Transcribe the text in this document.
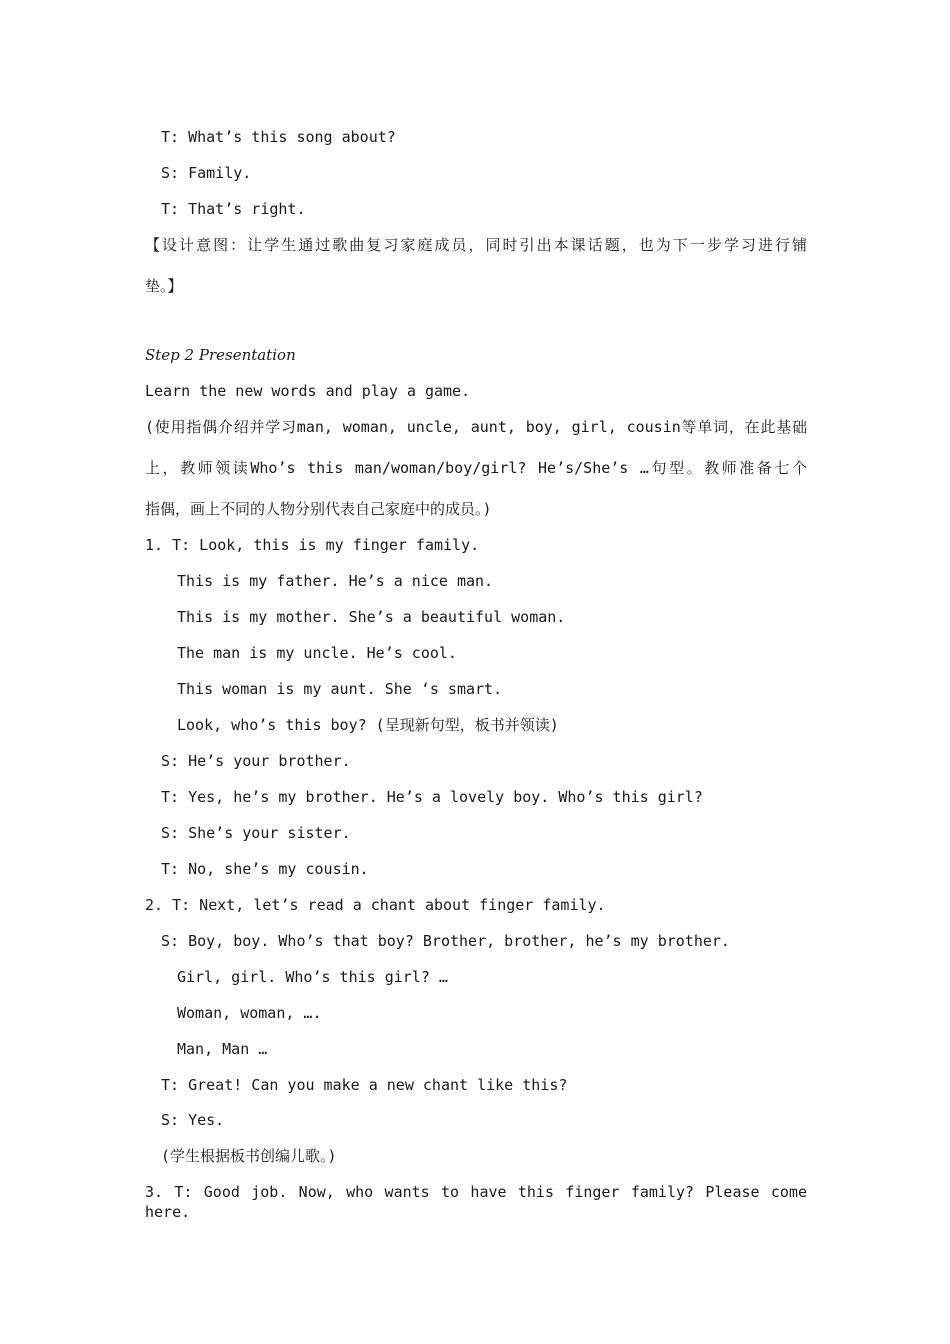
T: What’s this song about?
S: Family.
T: That’s right.
【设计意图：让学生通过歌曲复习家庭成员，同时引出本课话题，也为下一步学习进行铺
垫。】
Step 2 Presentation
Learn the new words and play a game.
(使用指偶介绍并学习man, woman, uncle, aunt, boy, girl, cousin等单词，在此基础
上，教师领读Who’s this man/woman/boy/girl? He’s/She’s …句型。教师准备七个
指偶，画上不同的人物分别代表自己家庭中的成员。)
1. T: Look, this is my finger family.
This is my father. He’s a nice man.
This is my mother. She’s a beautiful woman.
The man is my uncle. He’s cool.
This woman is my aunt. She ‘s smart.
Look, who’s this boy? (呈现新句型，板书并领读)
S: He’s your brother.
T: Yes, he’s my brother. He’s a lovely boy. Who’s this girl?
S: She’s your sister.
T: No, she’s my cousin.
2. T: Next, let’s read a chant about finger family.
S: Boy, boy. Who’s that boy? Brother, brother, he’s my brother.
Girl, girl. Who’s this girl? …
Woman, woman, ….
Man, Man …
T: Great! Can you make a new chant like this?
S: Yes.
(学生根据板书创编儿歌。)
3. T: Good job. Now, who wants to have this finger family? Please come here.
